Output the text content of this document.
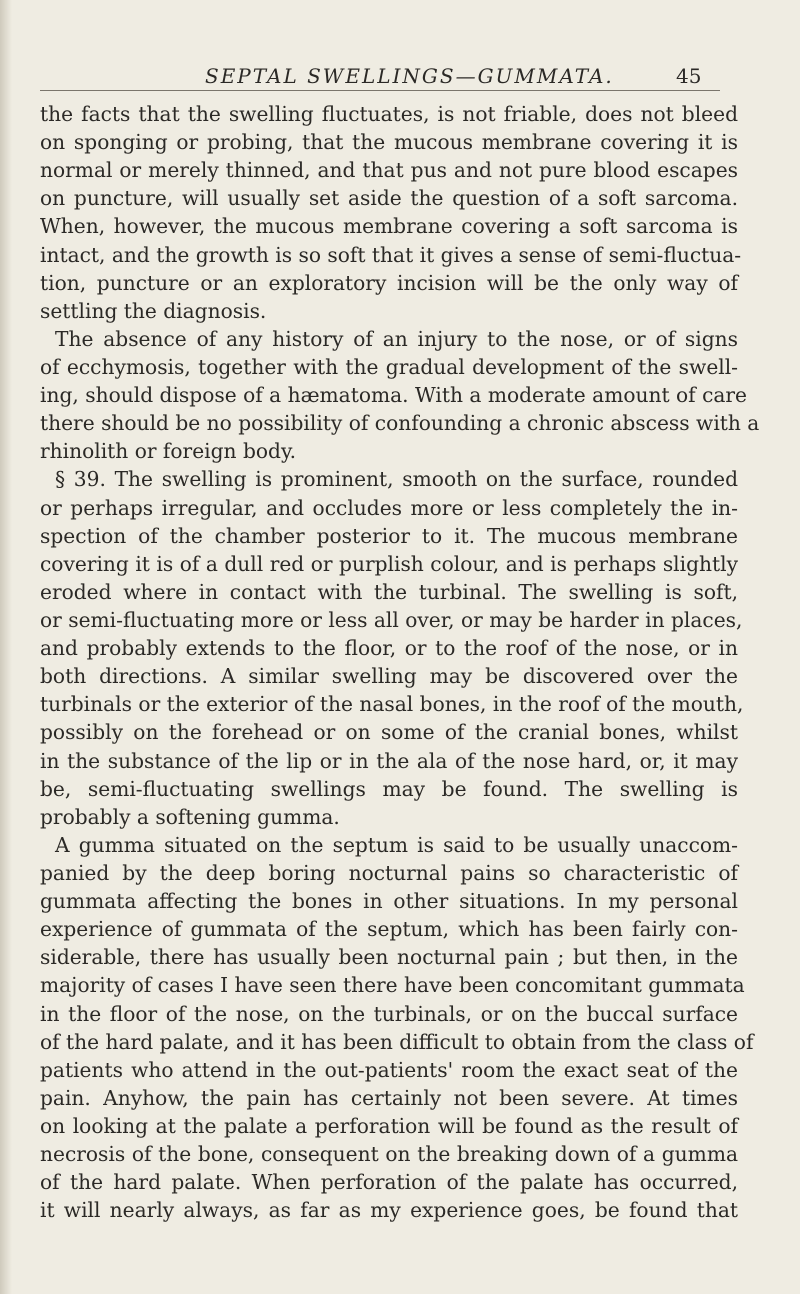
SEPTAL SWELLINGS—GUMMATA.	45
the facts that the swelling fluctuates, is not friable, does not bleed
on sponging or probing, that the mucous membrane covering it is
normal or merely thinned, and that pus and not pure blood escapes
on puncture, will usually set aside the question of a soft sarcoma.
When, however, the mucous membrane covering a soft sarcoma is
intact, and the growth is so soft that it gives a sense of semi-fluctua-
tion, puncture or an exploratory incision will be the only way of
settling the diagnosis.
The absence of any history of an injury to the nose, or of signs
of ecchymosis, together with the gradual development of the swell-
ing, should dispose of a hæmatoma. With a moderate amount of care
there should be no possibility of confounding a chronic abscess with a
rhinolith or foreign body.
§ 39. The swelling is prominent, smooth on the surface, rounded
or perhaps irregular, and occludes more or less completely the in-
spection of the chamber posterior to it. The mucous membrane
covering it is of a dull red or purplish colour, and is perhaps slightly
eroded where in contact with the turbinal. The swelling is soft,
or semi-fluctuating more or less all over, or may be harder in places,
and probably extends to the floor, or to the roof of the nose, or in
both directions. A similar swelling may be discovered over the
turbinals or the exterior of the nasal bones, in the roof of the mouth,
possibly on the forehead or on some of the cranial bones, whilst
in the substance of the lip or in the ala of the nose hard, or, it may
be, semi-fluctuating swellings may be found. The swelling is
probably a softening gumma.
A gumma situated on the septum is said to be usually unaccom-
panied by the deep boring nocturnal pains so characteristic of
gummata affecting the bones in other situations. In my personal
experience of gummata of the septum, which has been fairly con-
siderable, there has usually been nocturnal pain ; but then, in the
majority of cases I have seen there have been concomitant gummata
in the floor of the nose, on the turbinals, or on the buccal surface
of the hard palate, and it has been difficult to obtain from the class of
patients who attend in the out-patients' room the exact seat of the
pain. Anyhow, the pain has certainly not been severe. At times
on looking at the palate a perforation will be found as the result of
necrosis of the bone, consequent on the breaking down of a gumma
of the hard palate. When perforation of the palate has occurred,
it will nearly always, as far as my experience goes, be found that
